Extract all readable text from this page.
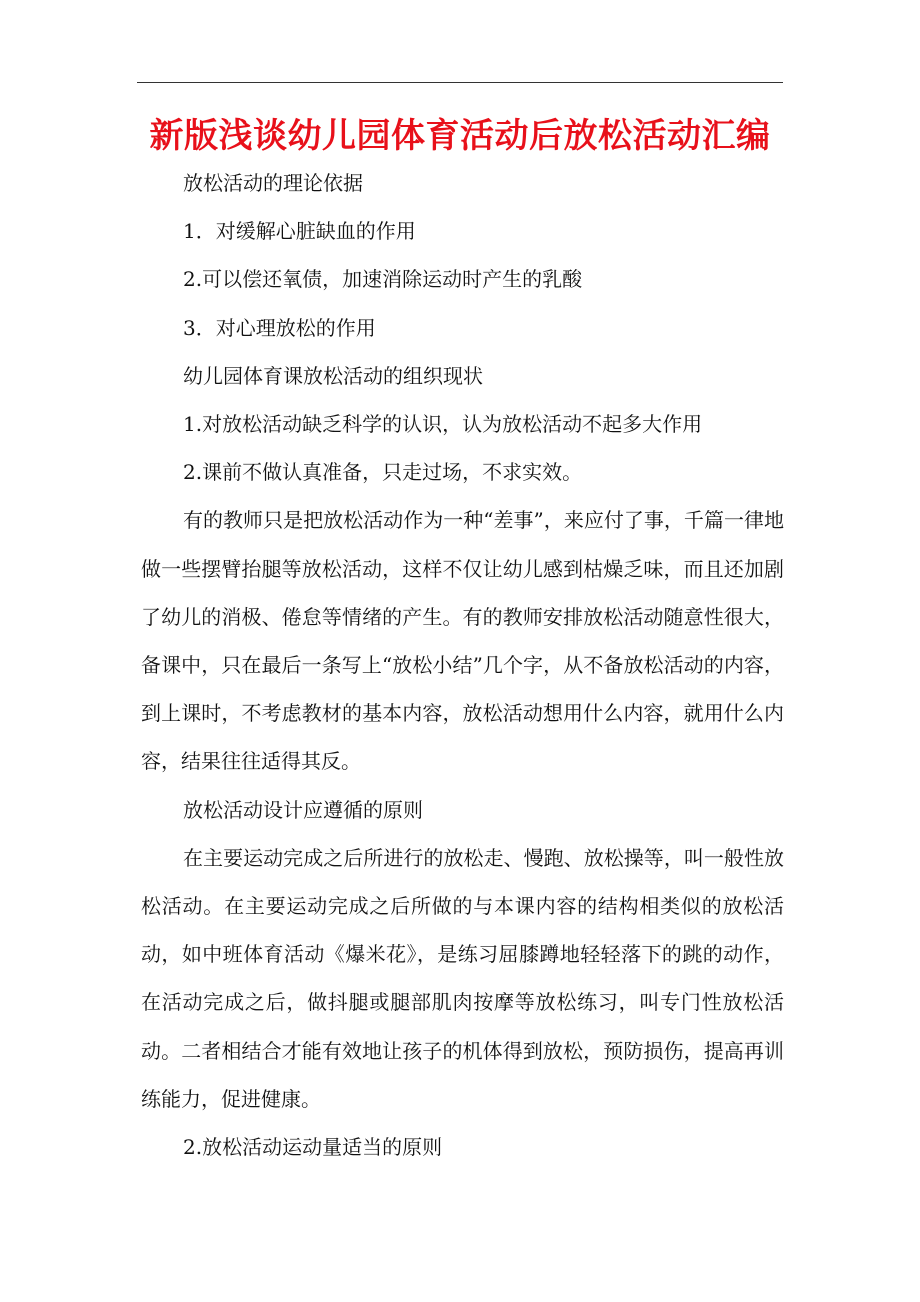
新版浅谈幼儿园体育活动后放松活动汇编

放松活动的理论依据

1．对缓解心脏缺血的作用

2.可以偿还氧债，加速消除运动时产生的乳酸

3．对心理放松的作用

幼儿园体育课放松活动的组织现状

1.对放松活动缺乏科学的认识，认为放松活动不起多大作用

2.课前不做认真准备，只走过场，不求实效。

有的教师只是把放松活动作为一种“差事”，来应付了事，千篇一律地做一些摆臂抬腿等放松活动，这样不仅让幼儿感到枯燥乏味，而且还加剧了幼儿的消极、倦怠等情绪的产生。有的教师安排放松活动随意性很大，备课中，只在最后一条写上“放松小结”几个字，从不备放松活动的内容，到上课时，不考虑教材的基本内容，放松活动想用什么内容，就用什么内容，结果往往适得其反。

放松活动设计应遵循的原则

在主要运动完成之后所进行的放松走、慢跑、放松操等，叫一般性放松活动。在主要运动完成之后所做的与本课内容的结构相类似的放松活动，如中班体育活动《爆米花》，是练习屈膝蹲地轻轻落下的跳的动作，在活动完成之后，做抖腿或腿部肌肉按摩等放松练习，叫专门性放松活动。二者相结合才能有效地让孩子的机体得到放松，预防损伤，提高再训练能力，促进健康。

2.放松活动运动量适当的原则
